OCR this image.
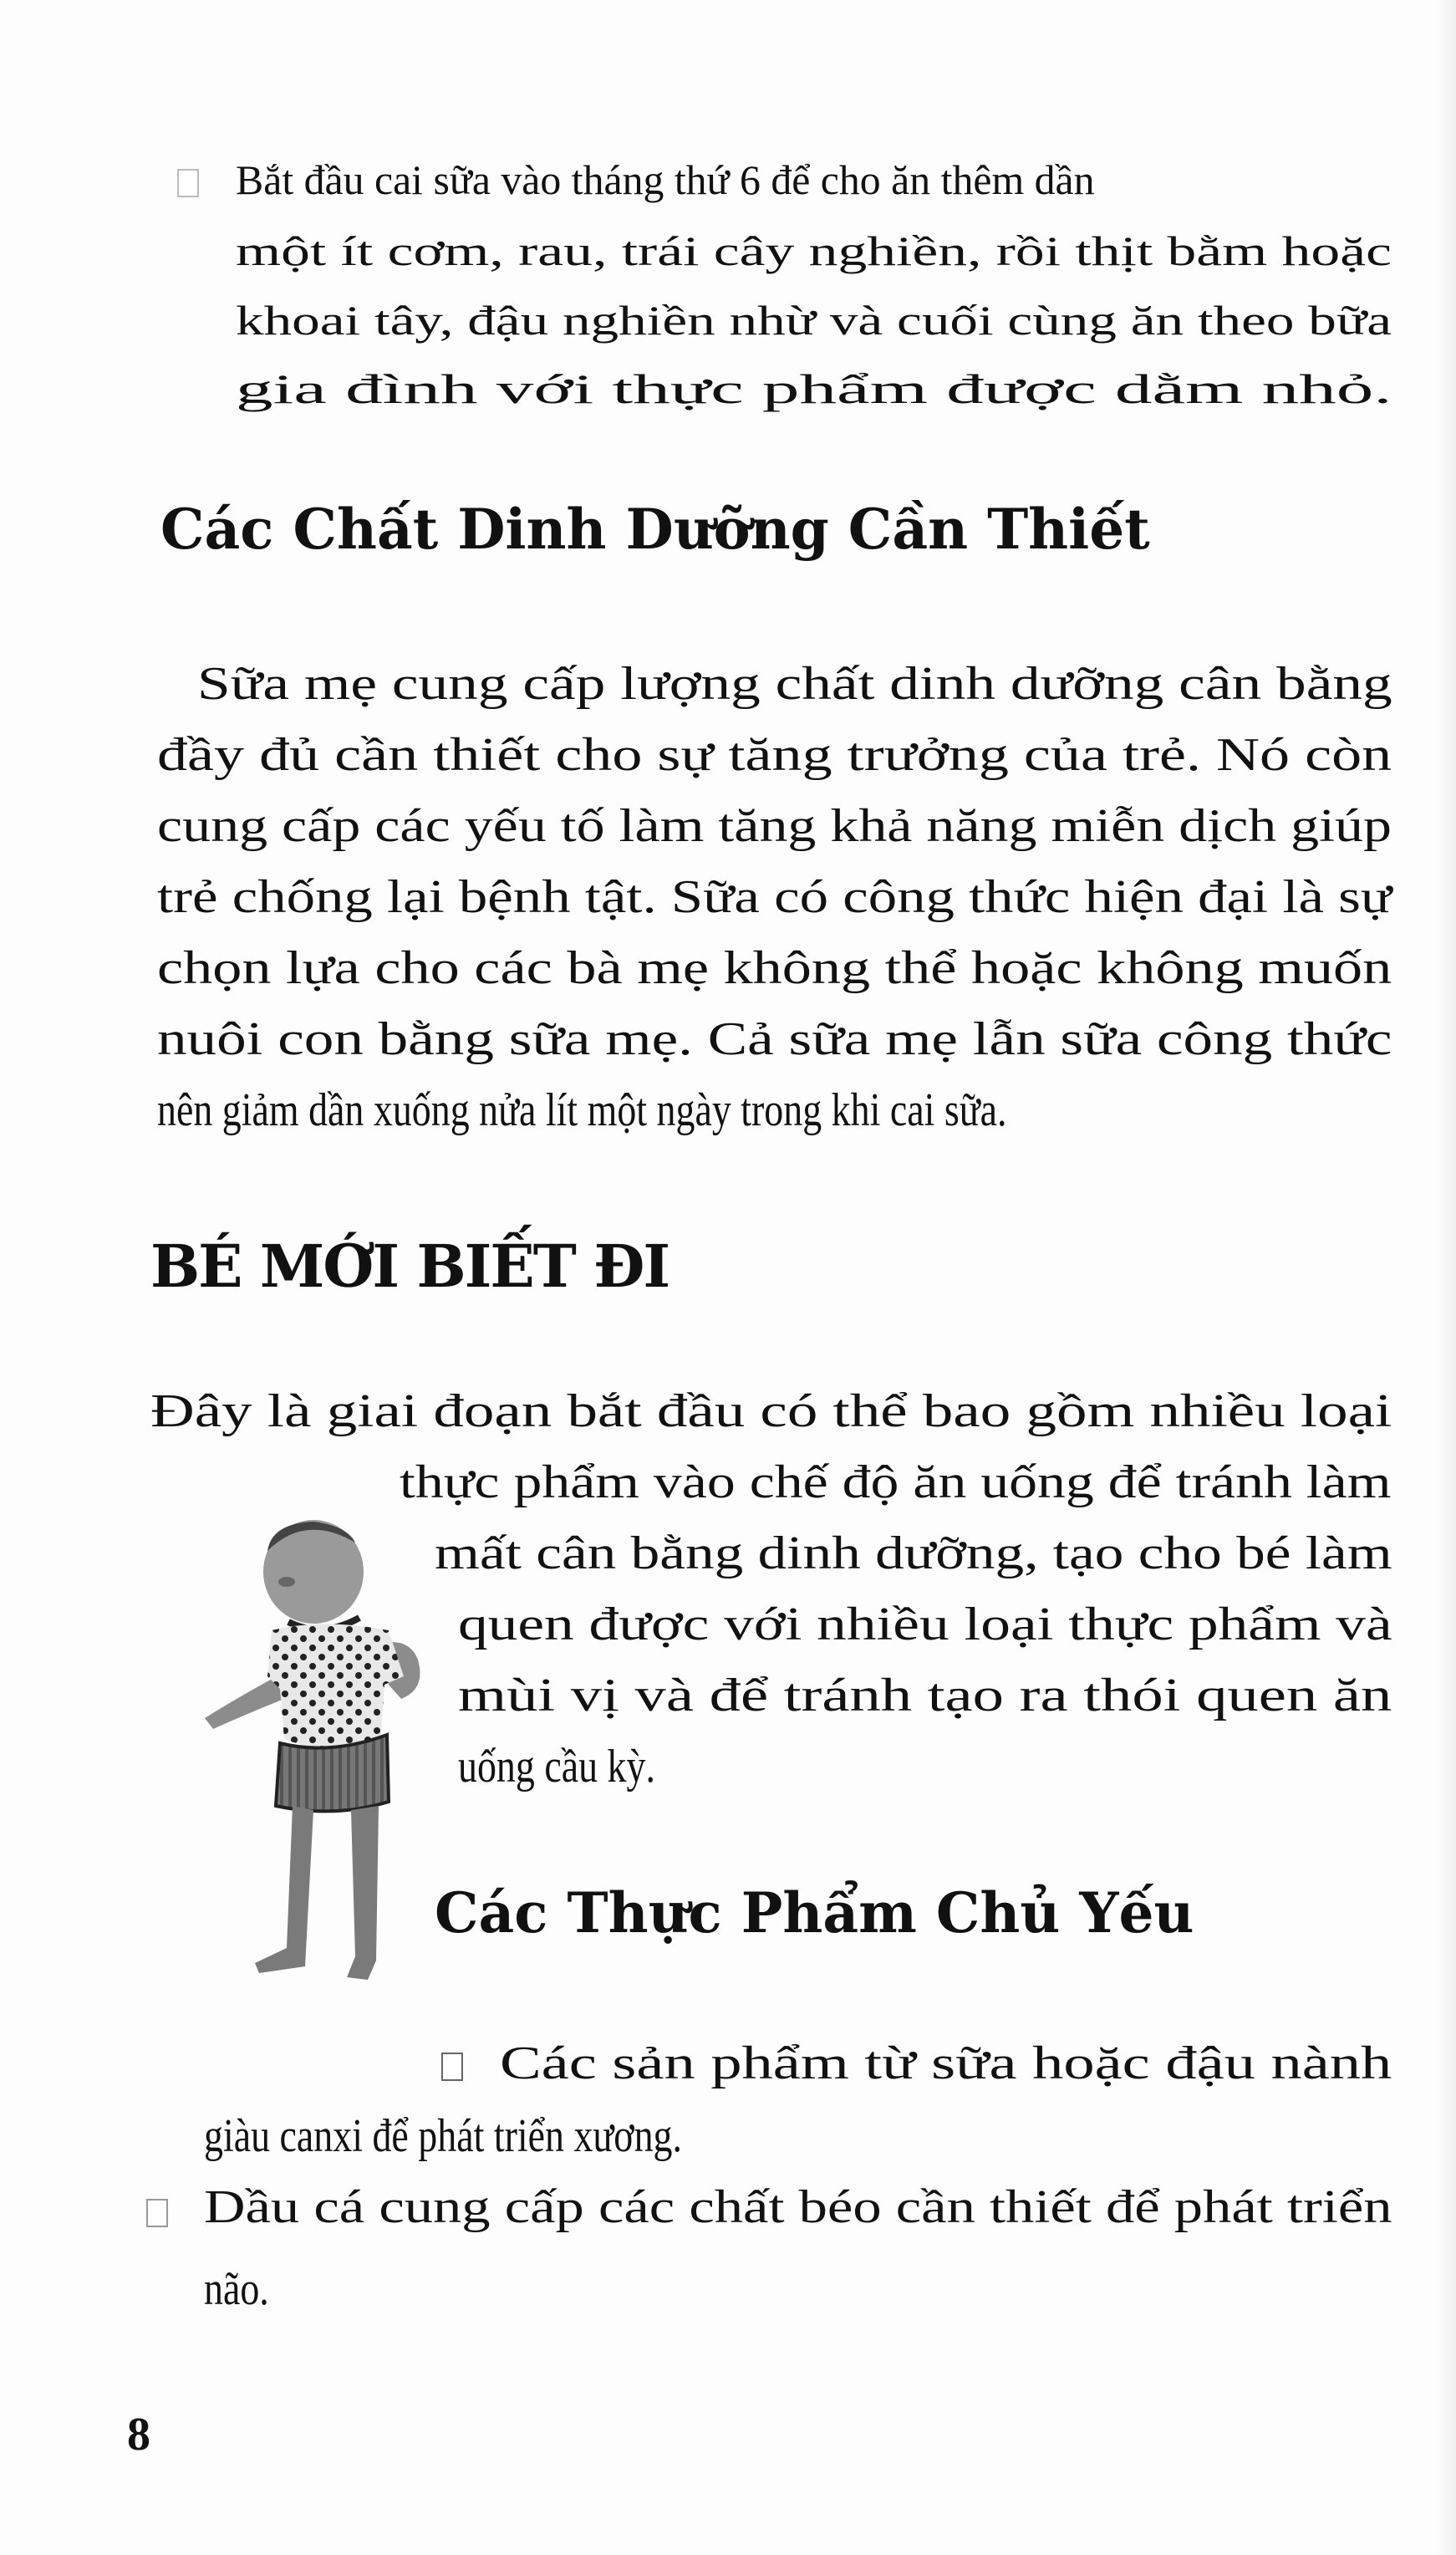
Bắt đầu cai sữa vào tháng thứ 6 để cho ăn thêm dần
một ít cơm, rau, trái cây nghiền, rồi thịt bằm hoặc
khoai tây, đậu nghiền nhừ và cuối cùng ăn theo bữa
gia đình với thực phẩm được dằm nhỏ.
Các Chất Dinh Dưỡng Cần Thiết
Sữa mẹ cung cấp lượng chất dinh dưỡng cân bằng
đầy đủ cần thiết cho sự tăng trưởng của trẻ. Nó còn
cung cấp các yếu tố làm tăng khả năng miễn dịch giúp
trẻ chống lại bệnh tật. Sữa có công thức hiện đại là sự
chọn lựa cho các bà mẹ không thể hoặc không muốn
nuôi con bằng sữa mẹ. Cả sữa mẹ lẫn sữa công thức
nên giảm dần xuống nửa lít một ngày trong khi cai sữa.
BÉ MỚI BIẾT ĐI
Đây là giai đoạn bắt đầu có thể bao gồm nhiều loại
thực phẩm vào chế độ ăn uống để tránh làm
mất cân bằng dinh dưỡng, tạo cho bé làm
quen được với nhiều loại thực phẩm và
mùi vị và để tránh tạo ra thói quen ăn
uống cầu kỳ.
Các Thực Phẩm Chủ Yếu
Các sản phẩm từ sữa hoặc đậu nành
giàu canxi để phát triển xương.
Dầu cá cung cấp các chất béo cần thiết để phát triển
não.
8
